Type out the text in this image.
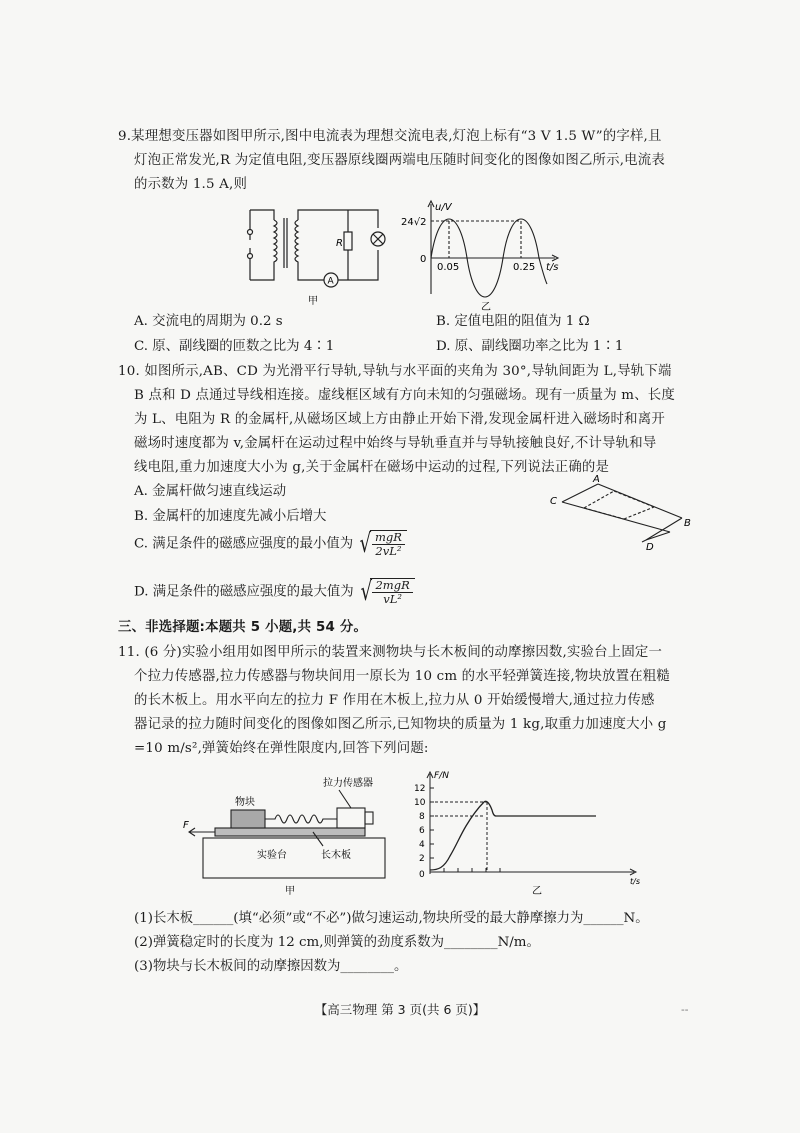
9.某理想变压器如图甲所示,图中电流表为理想交流电表,灯泡上标有“3 V 1.5 W”的字样,且
灯泡正常发光,R 为定值电阻,变压器原线圈两端电压随时间变化的图像如图乙所示,电流表
的示数为 1.5 A,则
R
A
甲
u/V
24√2
0
0.05	0.25 t/s
乙
A. 交流电的周期为 0.2 s	B. 定值电阻的阻值为 1 Ω
C. 原、副线圈的匝数之比为 4∶1	D. 原、副线圈功率之比为 1∶1
10. 如图所示,AB、CD 为光滑平行导轨,导轨与水平面的夹角为 30°,导轨间距为 L,导轨下端
B 点和 D 点通过导线相连接。虚线框区域有方向未知的匀强磁场。现有一质量为 m、长度
为 L、电阻为 R 的金属杆,从磁场区域上方由静止开始下滑,发现金属杆进入磁场时和离开
磁场时速度都为 v,金属杆在运动过程中始终与导轨垂直并与导轨接触良好,不计导轨和导
线电阻,重力加速度大小为 g,关于金属杆在磁场中运动的过程,下列说法正确的是
A. 金属杆做匀速直线运动
B. 金属杆的加速度先减小后增大
C. 满足条件的磁感应强度的最小值为 √ $\frac{\text{mgR}}{\text{2vL²}}$
D. 满足条件的磁感应强度的最大值为 √ $\frac{\text{2mgR}}{\text{vL²}}$
A
C
B
D
三、非选择题:本题共 5 小题,共 54 分。
11. (6 分)实验小组用如图甲所示的装置来测物块与长木板间的动摩擦因数,实验台上固定一
个拉力传感器,拉力传感器与物块间用一原长为 10 cm 的水平轻弹簧连接,物块放置在粗糙
的长木板上。用水平向左的拉力 F 作用在木板上,拉力从 0 开始缓慢增大,通过拉力传感
器记录的拉力随时间变化的图像如图乙所示,已知物块的质量为 1 kg,取重力加速度大小 g
=10 m/s²,弹簧始终在弹性限度内,回答下列问题:
拉力传感器
物块
F
实验台	长木板
甲
F/N
12
10
8
6
4
2
0
t/s
乙
(1)长木板______(填“必须”或“不必”)做匀速运动,物块所受的最大静摩擦力为______N。
(2)弹簧稳定时的长度为 12 cm,则弹簧的劲度系数为________N/m。
(3)物块与长木板间的动摩擦因数为________。
【高三物理 第 3 页(共 6 页)】	--
